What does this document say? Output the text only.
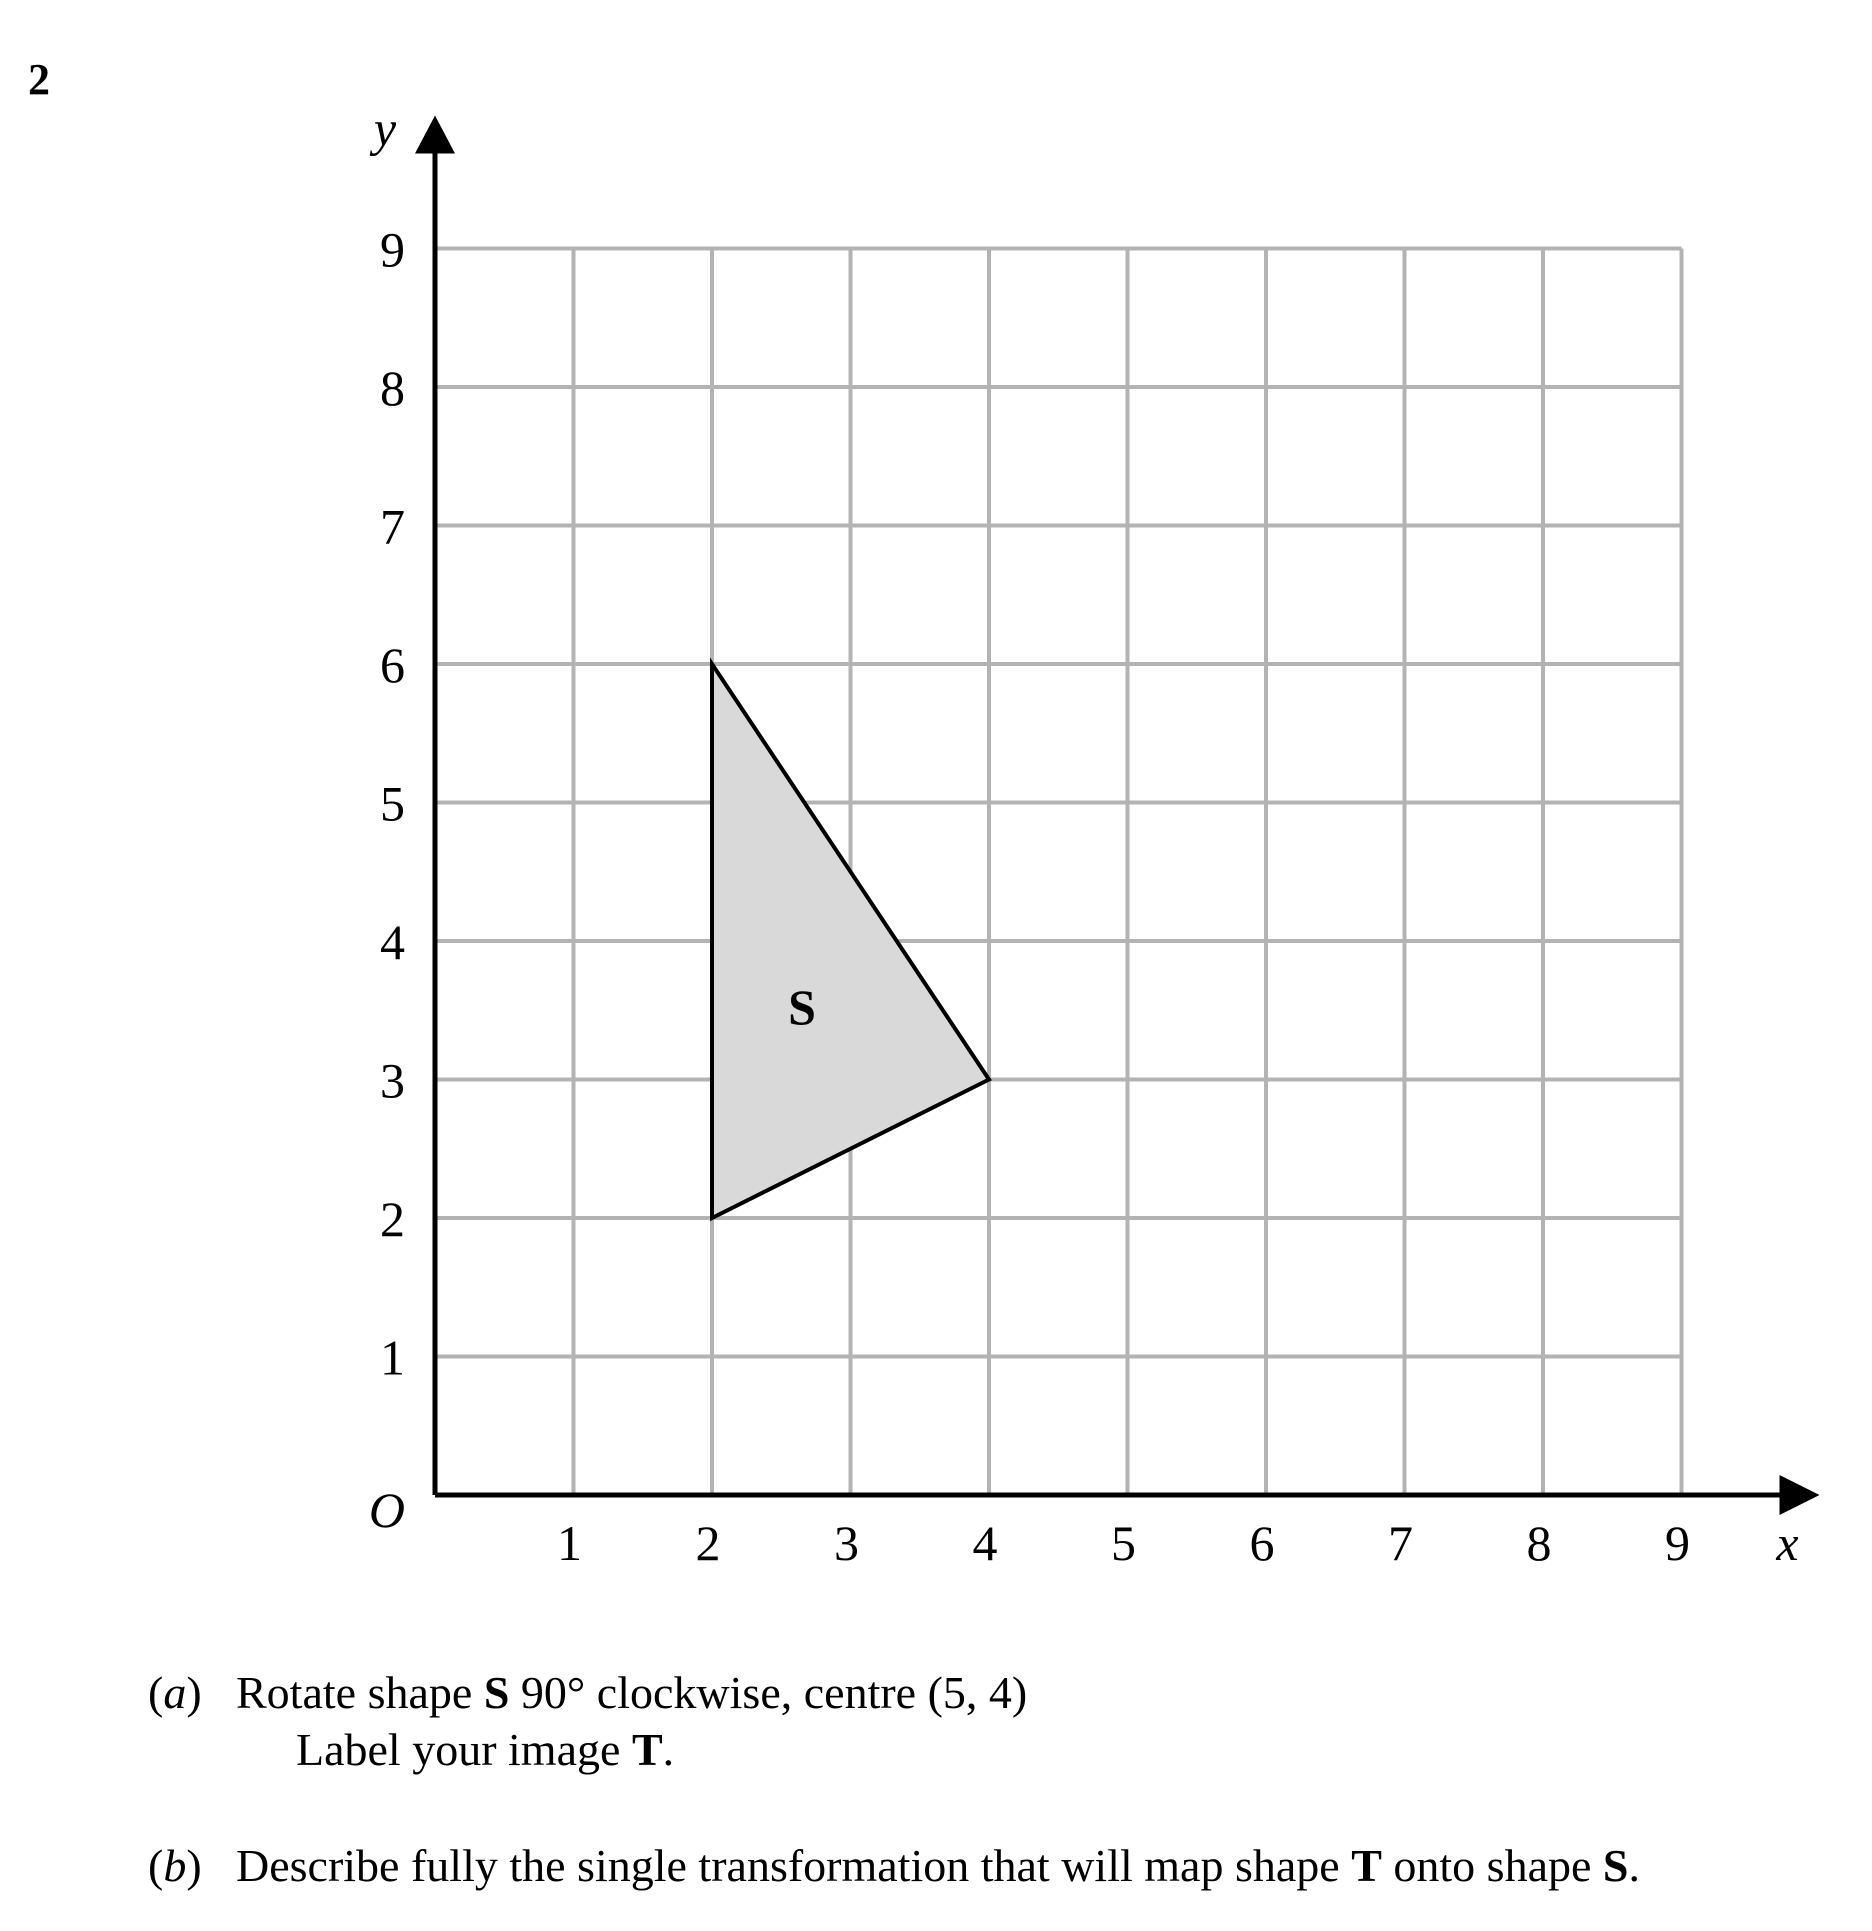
2
S
1 2 3 4 5 6 7 8 9
1
2
3
4
5
6
7
8
9
O
x
y
(a) Rotate shape S 90° clockwise, centre (5, 4)
Label your image T.
(b) Describe fully the single transformation that will map shape T onto shape S.
